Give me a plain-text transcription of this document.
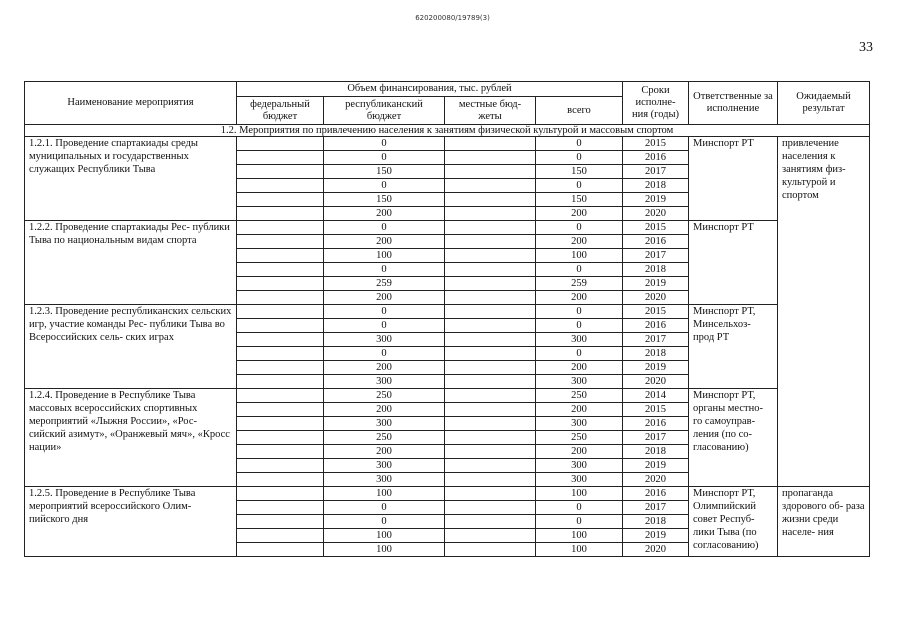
620200080/19789(3)
33
Наименование мероприятия	Объем финансирования, тыс. рублей				Сроки исполне- ния (годы)	Ответственные за исполнение	Ожидаемый результат
	федеральный бюджет	республиканский бюджет	местные бюд- жеты	всего			
1.2. Мероприятия по привлечению населения к занятиям физической культурой и массовым спортом							
1.2.1. Проведение спартакиады среды муниципальных и государственных служащих Республики Тыва		0		0	2015	Минспорт РТ	привлечение населения к занятиям физ- культурой и спортом
		0		0	2016		
		150		150	2017		
		0		0	2018		
		150		150	2019		
		200		200	2020		
1.2.2. Проведение спартакиады Рес- публики Тыва по национальным видам спорта		0		0	2015	Минспорт РТ	
		200		200	2016		
		100		100	2017		
		0		0	2018		
		259		259	2019		
		200		200	2020		
1.2.3. Проведение республиканских сельских игр, участие команды Рес- публики Тыва во Всероссийских сель- ских играх		0		0	2015	Минспорт РТ, Минсельхоз- прод РТ	
		0		0	2016		
		300		300	2017		
		0		0	2018		
		200		200	2019		
		300		300	2020		
1.2.4. Проведение в Республике Тыва массовых всероссийских спортивных мероприятий «Лыжня России», «Рос- сийский азимут», «Оранжевый мяч», «Кросс нации»		250		250	2014	Минспорт РТ, органы местно- го самоуправ- ления (по со- гласованию)	
		200		200	2015		
		300		300	2016		
		250		250	2017		
		200		200	2018		
		300		300	2019		
		300		300	2020		
1.2.5. Проведение в Республике Тыва мероприятий всероссийского Олим- пийского дня		100		100	2016	Минспорт РТ, Олимпийский совет Респуб- лики Тыва (по согласованию)	пропаганда здорового об- раза жизни среди населе- ния
		0		0	2017		
		0		0	2018		
		100		100	2019		
		100		100	2020		
